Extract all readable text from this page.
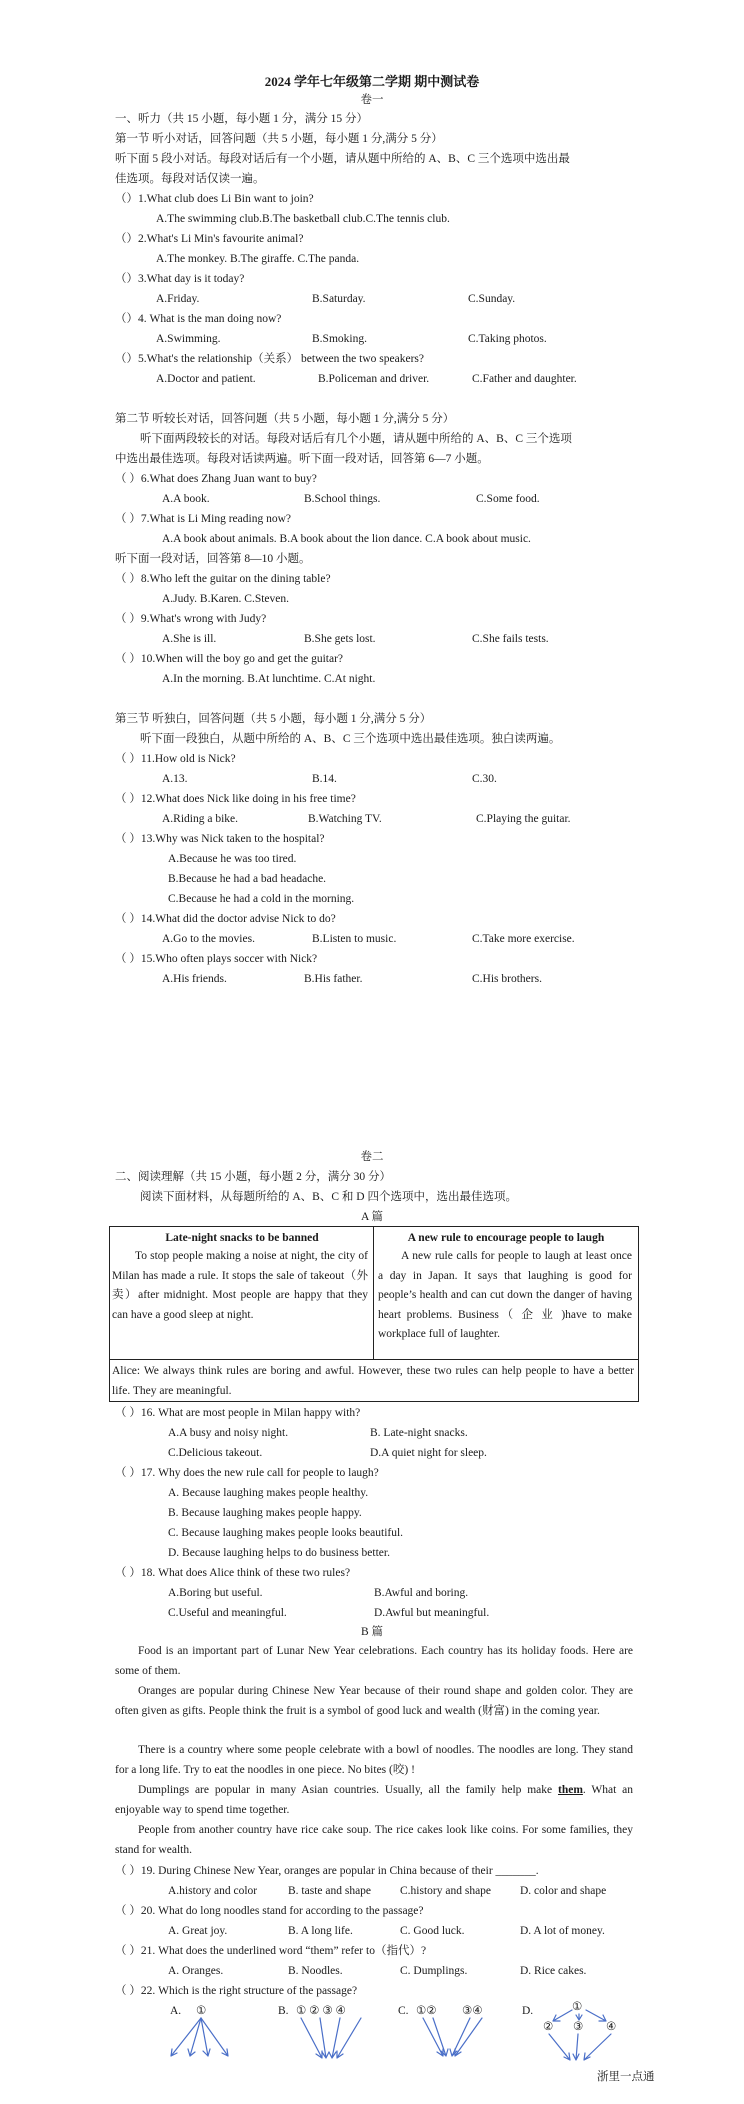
2024 学年七年级第二学期 期中测试卷
卷一
一、听力（共 15 小题，每小题 1 分，满分 15 分）
第一节 听小对话，回答问题（共 5 小题，每小题 1 分,满分 5 分）
听下面 5 段小对话。每段对话后有一个小题，请从题中所给的 A、B、C 三个选项中选出最
佳选项。每段对话仅读一遍。
（）1.What club does Li Bin want to join?
A.The swimming club.B.The basketball club.C.The tennis club.
（）2.What's Li Min's favourite animal?
A.The monkey. B.The giraffe. C.The panda.
（）3.What day is it today?
A.Friday.	B.Saturday.	C.Sunday.
（）4. What is the man doing now?
A.Swimming.	B.Smoking.	C.Taking photos.
（）5.What's the relationship（关系） between the two speakers?
A.Doctor and patient.	B.Policeman and driver.	C.Father and daughter.
第二节 听较长对话，回答问题（共 5 小题，每小题 1 分,满分 5 分）
听下面两段较长的对话。每段对话后有几个小题，请从题中所给的 A、B、C 三个选项
中选出最佳选项。每段对话读两遍。听下面一段对话，回答第 6—7 小题。
（ ）6.What does Zhang Juan want to buy?
A.A book.	B.School things.	C.Some food.
（ ）7.What is Li Ming reading now?
A.A book about animals. B.A book about the lion dance. C.A book about music.
听下面一段对话，回答第 8—10 小题。
（ ）8.Who left the guitar on the dining table?
A.Judy. B.Karen. C.Steven.
（ ）9.What's wrong with Judy?
A.She is ill.	B.She gets lost.	C.She fails tests.
（ ）10.When will the boy go and get the guitar?
A.In the morning. B.At lunchtime. C.At night.
第三节 听独白，回答问题（共 5 小题，每小题 1 分,满分 5 分）
听下面一段独白，从题中所给的 A、B、C 三个选项中选出最佳选项。独白读两遍。
（ ）11.How old is Nick?
A.13.	B.14.	C.30.
（ ）12.What does Nick like doing in his free time?
A.Riding a bike.	B.Watching TV.	C.Playing the guitar.
（ ）13.Why was Nick taken to the hospital?
A.Because he was too tired.
B.Because he had a bad headache.
C.Because he had a cold in the morning.
（ ）14.What did the doctor advise Nick to do?
A.Go to the movies.	B.Listen to music.	C.Take more exercise.
（ ）15.Who often plays soccer with Nick?
A.His friends.	B.His father.	C.His brothers.
卷二
二、阅读理解（共 15 小题，每小题 2 分，满分 30 分）
阅读下面材料，从每题所给的 A、B、C 和 D 四个选项中，选出最佳选项。
A 篇
Late-night snacks to be banned
To stop people making a noise at night, the city of Milan has made a rule. It stops the sale of takeout（外卖）after midnight. Most people are happy that they can have a good sleep at night.
A new rule to encourage people to laugh
A new rule calls for people to laugh at least once a day in Japan. It says that laughing is good for people’s health and can cut down the danger of having heart problems. Business（ 企 业 )have to make workplace full of laughter.
Alice: We always think rules are boring and awful. However, these two rules can help people to have a better life. They are meaningful.
（ ）16. What are most people in Milan happy with?
A.A busy and noisy night.	B. Late-night snacks.
C.Delicious takeout.	D.A quiet night for sleep.
（ ）17. Why does the new rule call for people to laugh?
A. Because laughing makes people healthy.
B. Because laughing makes people happy.
C. Because laughing makes people looks beautiful.
D. Because laughing helps to do business better.
（ ）18. What does Alice think of these two rules?
A.Boring but useful.	B.Awful and boring.
C.Useful and meaningful.	D.Awful but meaningful.
B 篇
Food is an important part of Lunar New Year celebrations. Each country has its holiday foods. Here are some of them.
Oranges are popular during Chinese New Year because of their round shape and golden color. They are often given as gifts. People think the fruit is a symbol of good luck and wealth (财富) in the coming year.
There is a country where some people celebrate with a bowl of noodles. The noodles are long. They stand for a long life. Try to eat the noodles in one piece. No bites (咬) !
Dumplings are popular in many Asian countries. Usually, all the family help make them. What an enjoyable way to spend time together.
People from another country have rice cake soup. The rice cakes look like coins. For some families, they stand for wealth.
（ ）19. During Chinese New Year, oranges are popular in China because of their _______.
A.history and color	B. taste and shape	C.history and shape	D. color and shape
（ ）20. What do long noodles stand for according to the passage?
A. Great joy.	B. A long life.	C. Good luck.	D. A lot of money.
（ ）21. What does the underlined word “them” refer to（指代）?
A. Oranges.	B. Noodles.	C. Dumplings.	D. Rice cakes.
（ ）22. Which is the right structure of the passage?
A. ①	B. ① ② ③ ④	C. ①② ③④	D.	①
② ③ ④
浙里一点通
